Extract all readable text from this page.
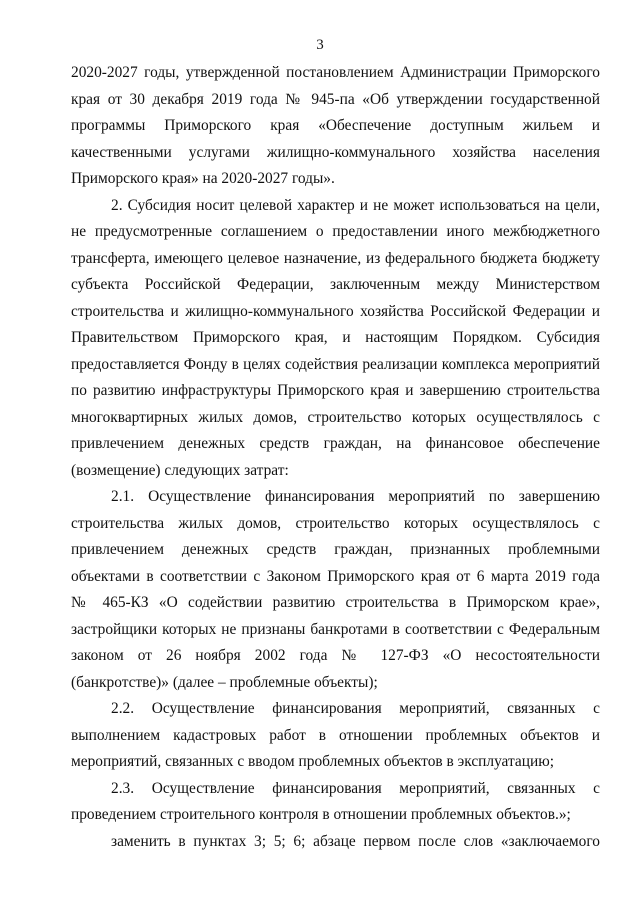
3
2020-2027 годы, утвержденной постановлением Администрации Приморского
края от 30 декабря 2019 года № 945-па «Об утверждении государственной
программы Приморского края «Обеспечение доступным жильем и
качественными услугами жилищно-коммунального хозяйства населения
Приморского края» на 2020-2027 годы».
2. Субсидия носит целевой характер и не может использоваться на цели,
не предусмотренные соглашением о предоставлении иного межбюджетного
трансферта, имеющего целевое назначение, из федерального бюджета бюджету
субъекта Российской Федерации, заключенным между Министерством
строительства и жилищно-коммунального хозяйства Российской Федерации и
Правительством Приморского края, и настоящим Порядком. Субсидия
предоставляется Фонду в целях содействия реализации комплекса мероприятий
по развитию инфраструктуры Приморского края и завершению строительства
многоквартирных жилых домов, строительство которых осуществлялось с
привлечением денежных средств граждан, на финансовое обеспечение
(возмещение) следующих затрат:
2.1. Осуществление финансирования мероприятий по завершению
строительства жилых домов, строительство которых осуществлялось с
привлечением денежных средств граждан, признанных проблемными
объектами в соответствии с Законом Приморского края от 6 марта 2019 года
№ 465-КЗ «О содействии развитию строительства в Приморском крае»,
застройщики которых не признаны банкротами в соответствии с Федеральным
законом от 26 ноября 2002 года № 127-ФЗ «О несостоятельности
(банкротстве)» (далее – проблемные объекты);
2.2. Осуществление финансирования мероприятий, связанных с
выполнением кадастровых работ в отношении проблемных объектов и
мероприятий, связанных с вводом проблемных объектов в эксплуатацию;
2.3. Осуществление финансирования мероприятий, связанных с
проведением строительного контроля в отношении проблемных объектов.»;
заменить в пунктах 3; 5; 6; абзаце первом после слов «заключаемого
